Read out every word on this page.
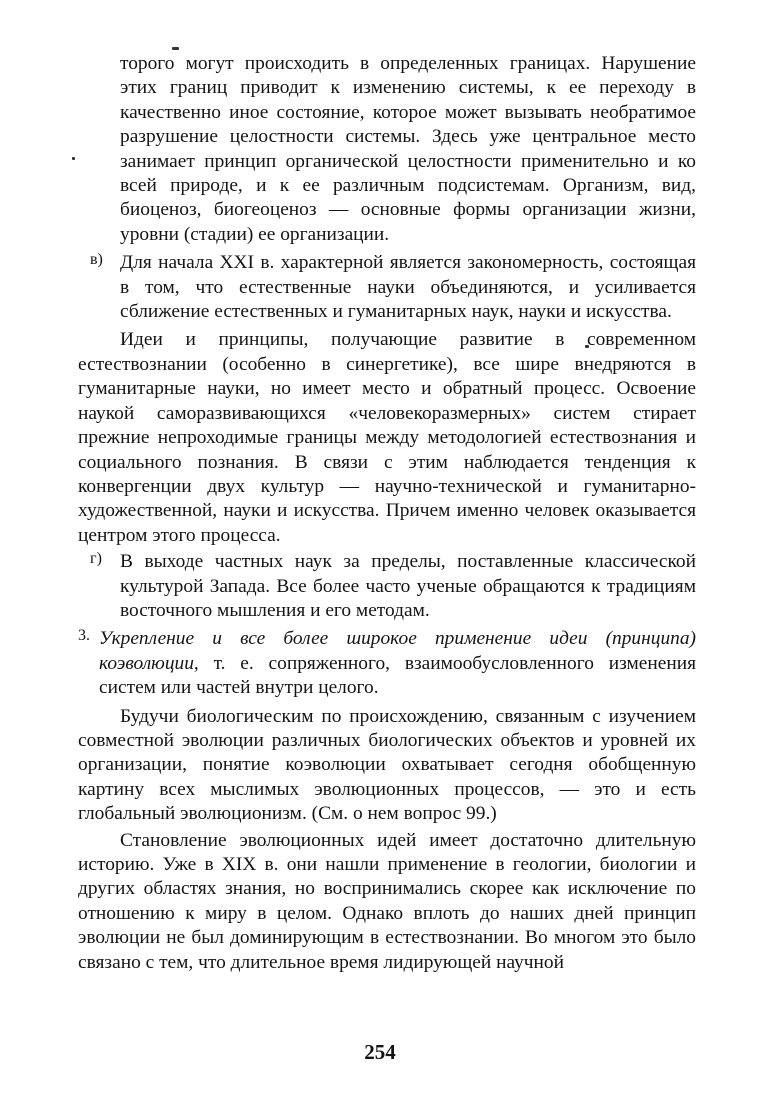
торого могут происходить в определенных границах. Нарушение этих границ приводит к изменению системы, к ее переходу в качественно иное состояние, которое может вызывать необратимое разрушение целостности системы. Здесь уже центральное место занимает принцип органической целостности применительно и ко всей природе, и к ее различным подсистемам. Организм, вид, биоценоз, биогеоценоз — основные формы организации жизни, уровни (стадии) ее организации.

в) Для начала XXI в. характерной является закономерность, состоящая в том, что естественные науки объединяются, и усиливается сближение естественных и гуманитарных наук, науки и искусства.

Идеи и принципы, получающие развитие в современном естествознании (особенно в синергетике), все шире внедряются в гуманитарные науки, но имеет место и обратный процесс. Освоение наукой саморазвивающихся «человекоразмерных» систем стирает прежние непроходимые границы между методологией естествознания и социального познания. В связи с этим наблюдается тенденция к конвергенции двух культур — научно-технической и гуманитарно-художественной, науки и искусства. Причем именно человек оказывается центром этого процесса.

г) В выходе частных наук за пределы, поставленные классической культурой Запада. Все более часто ученые обращаются к традициям восточного мышления и его методам.

3. Укрепление и все более широкое применение идеи (принципа) коэволюции, т. е. сопряженного, взаимообусловленного изменения систем или частей внутри целого.

Будучи биологическим по происхождению, связанным с изучением совместной эволюции различных биологических объектов и уровней их организации, понятие коэволюции охватывает сегодня обобщенную картину всех мыслимых эволюционных процессов, — это и есть глобальный эволюционизм. (См. о нем вопрос 99.)

Становление эволюционных идей имеет достаточно длительную историю. Уже в XIX в. они нашли применение в геологии, биологии и других областях знания, но воспринимались скорее как исключение по отношению к миру в целом. Однако вплоть до наших дней принцип эволюции не был доминирующим в естествознании. Во многом это было связано с тем, что длительное время лидирующей научной

254
